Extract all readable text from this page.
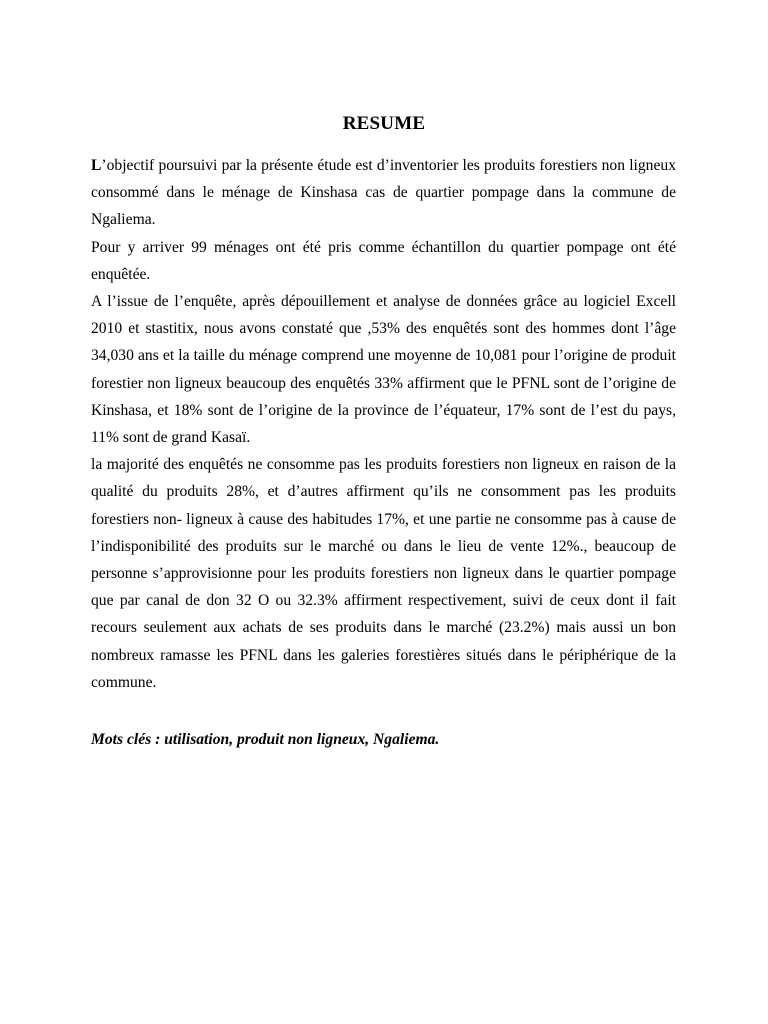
RESUME

L’objectif poursuivi par la présente étude est d’inventorier les produits forestiers non ligneux consommé dans le ménage de Kinshasa cas de quartier pompage dans la commune de Ngaliema.

Pour y arriver 99 ménages ont été pris comme échantillon du quartier pompage ont été enquêtée.

A l’issue de l’enquête, après dépouillement et analyse de données grâce au logiciel Excell 2010 et stastitix, nous avons constaté que ,53% des enquêtés sont des hommes dont l’âge 34,030 ans et la taille du ménage comprend une moyenne de 10,081 pour l’origine de produit forestier non ligneux beaucoup des enquêtés 33% affirment que le PFNL sont de l’origine de Kinshasa, et 18% sont de l’origine de la province de l’équateur, 17% sont de l’est du pays, 11% sont de grand Kasaï.

la majorité des enquêtés ne consomme pas les produits forestiers non ligneux en raison de la qualité du produits 28%, et d’autres affirment qu’ils ne consomment pas les produits forestiers non- ligneux à cause des habitudes 17%, et une partie ne consomme pas à cause de l’indisponibilité des produits sur le marché ou dans le lieu de vente 12%., beaucoup de personne s’approvisionne pour les produits forestiers non ligneux dans le quartier pompage que par canal de don 32 O ou 32.3% affirment respectivement, suivi de ceux dont il fait recours seulement aux achats de ses produits dans le marché (23.2%) mais aussi un bon nombreux ramasse les PFNL dans les galeries forestières situés dans le périphérique de la commune.

Mots clés : utilisation, produit non ligneux, Ngaliema.
